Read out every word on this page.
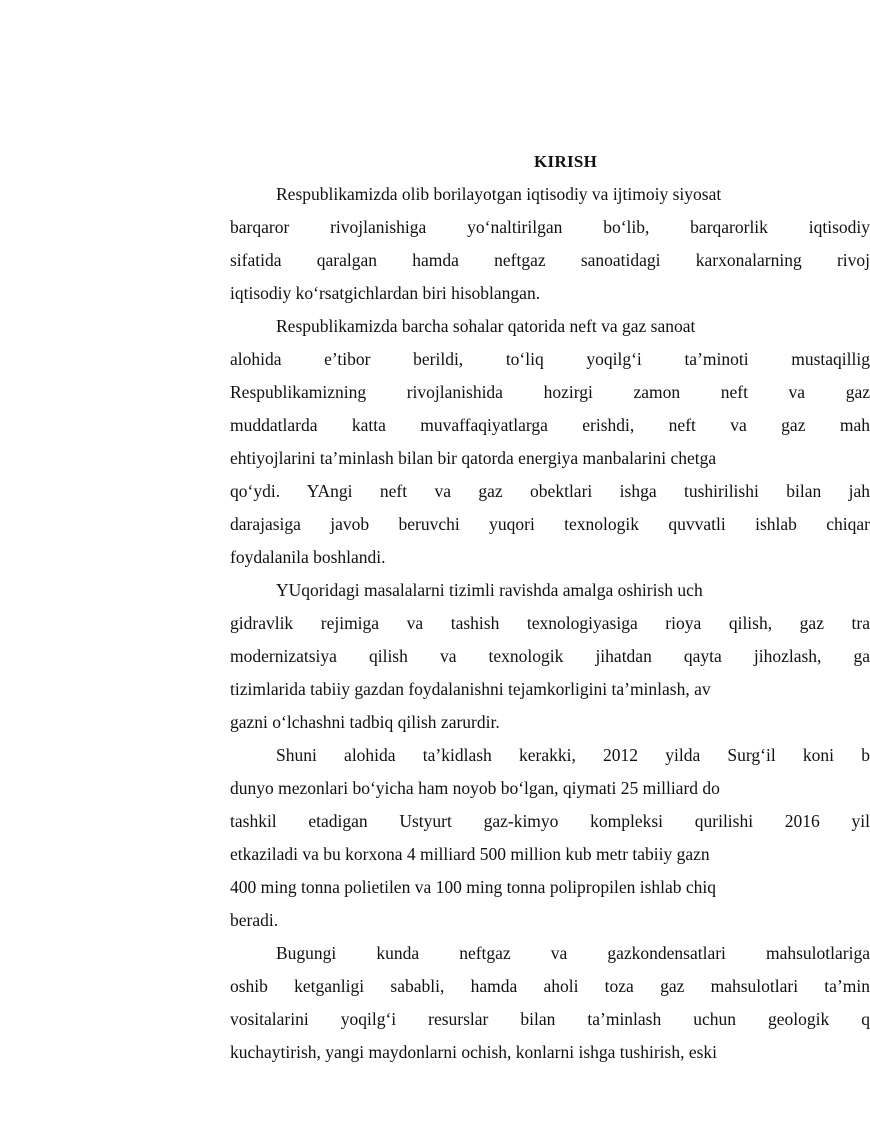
KIRISH
Respublikamizda olib borilayotgan iqtisodiy va ijtimoiy siyosat
barqaror rivojlanishiga yo‘naltirilgan bo‘lib, barqarorlik iqtisodiy
sifatida qaralgan hamda neftgaz sanoatidagi karxonalarning rivoj
iqtisodiy ko‘rsatgichlardan biri hisoblangan.
Respublikamizda barcha sohalar qatorida neft va gaz sanoat
alohida e’tibor berildi, to‘liq yoqilg‘i ta’minoti mustaqillig
Respublikamizning rivojlanishida hozirgi zamon neft va gaz
muddatlarda katta muvaffaqiyatlarga erishdi, neft va gaz mah
ehtiyojlarini ta’minlash bilan bir qatorda energiya manbalarini chetga
qo‘ydi. YAngi neft va gaz obektlari ishga tushirilishi bilan jah
darajasiga javob beruvchi yuqori texnologik quvvatli ishlab chiqar
foydalanila boshlandi.
YUqoridagi masalalarni tizimli ravishda amalga oshirish uch
gidravlik rejimiga va tashish texnologiyasiga rioya qilish, gaz tra
modernizatsiya qilish va texnologik jihatdan qayta jihozlash, ga
tizimlarida tabiiy gazdan foydalanishni tejamkorligini ta’minlash, av
gazni o‘lchashni tadbiq qilish zarurdir.
Shuni alohida ta’kidlash kerakki, 2012 yilda Surg‘il koni b
dunyo mezonlari bo‘yicha ham noyob bo‘lgan, qiymati 25 milliard do
tashkil etadigan Ustyurt gaz-kimyo kompleksi qurilishi 2016 yil
etkaziladi va bu korxona 4 milliard 500 million kub metr tabiiy gazn
400 ming tonna polietilen va 100 ming tonna polipropilen ishlab chiq
beradi.
Bugungi kunda neftgaz va gazkondensatlari mahsulotlariga
oshib ketganligi sababli, hamda aholi toza gaz mahsulotlari ta’min
vositalarini yoqilg‘i resurslar bilan ta’minlash uchun geologik q
kuchaytirish, yangi maydonlarni ochish, konlarni ishga tushirish, eski
